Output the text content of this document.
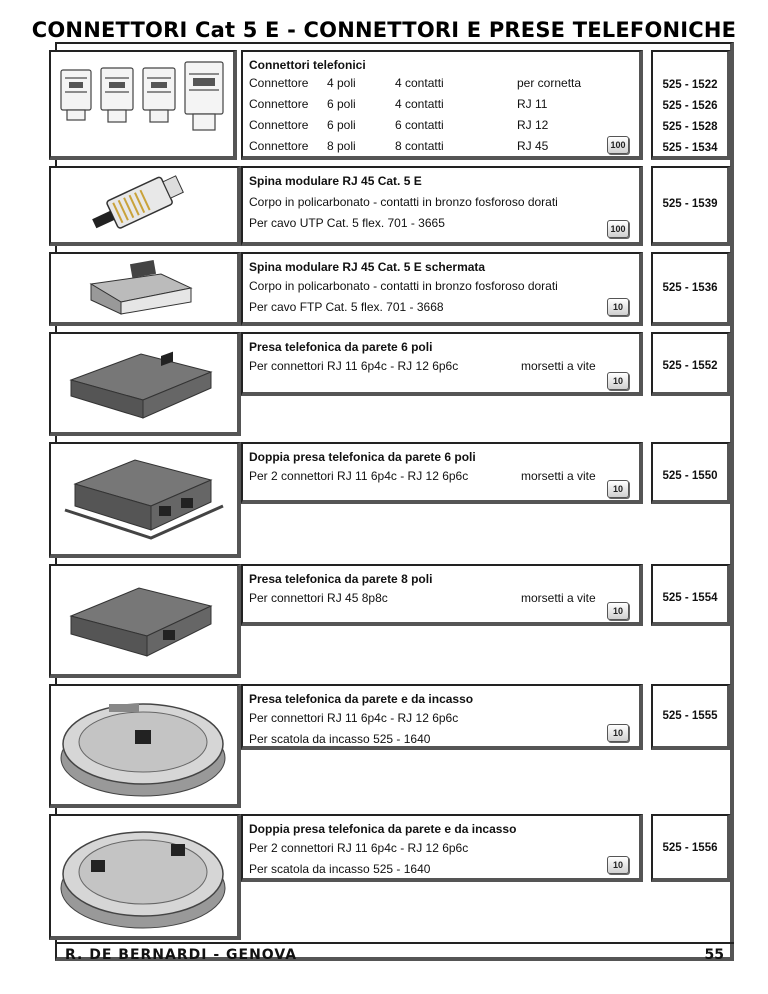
CONNETTORI Cat 5 E - CONNETTORI E PRESE TELEFONICHE
Connettori telefonici
Connettore 4 poli	4 contatti	per cornetta
Connettore 6 poli	4 contatti	RJ 11
Connettore 6 poli	6 contatti	RJ 12
Connettore 8 poli	8 contatti	RJ 45	100
525 - 1522
525 - 1526
525 - 1528
525 - 1534
Spina modulare RJ 45 Cat. 5 E
Corpo in policarbonato - contatti in bronzo fosforoso dorati
Per cavo UTP Cat. 5 flex. 701 - 3665	100
525 - 1539
Spina modulare RJ 45 Cat. 5 E schermata
Corpo in policarbonato - contatti in bronzo fosforoso dorati
Per cavo FTP Cat. 5 flex. 701 - 3668	10
525 - 1536
Presa telefonica da parete 6 poli
Per connettori RJ 11 6p4c - RJ 12 6p6c	morsetti a vite
10
525 - 1552
Doppia presa telefonica da parete 6 poli
Per 2 connettori RJ 11 6p4c - RJ 12 6p6c	morsetti a vite
10
525 - 1550
Presa telefonica da parete 8 poli
Per connettori RJ 45 8p8c	morsetti a vite
10
525 - 1554
Presa telefonica da parete e da incasso
Per connettori RJ 11 6p4c - RJ 12 6p6c
Per scatola da incasso 525 - 1640	10
525 - 1555
Doppia presa telefonica da parete e da incasso
Per 2 connettori RJ 11 6p4c - RJ 12 6p6c
Per scatola da incasso 525 - 1640	10
525 - 1556
R. DE BERNARDI - GENOVA	55
